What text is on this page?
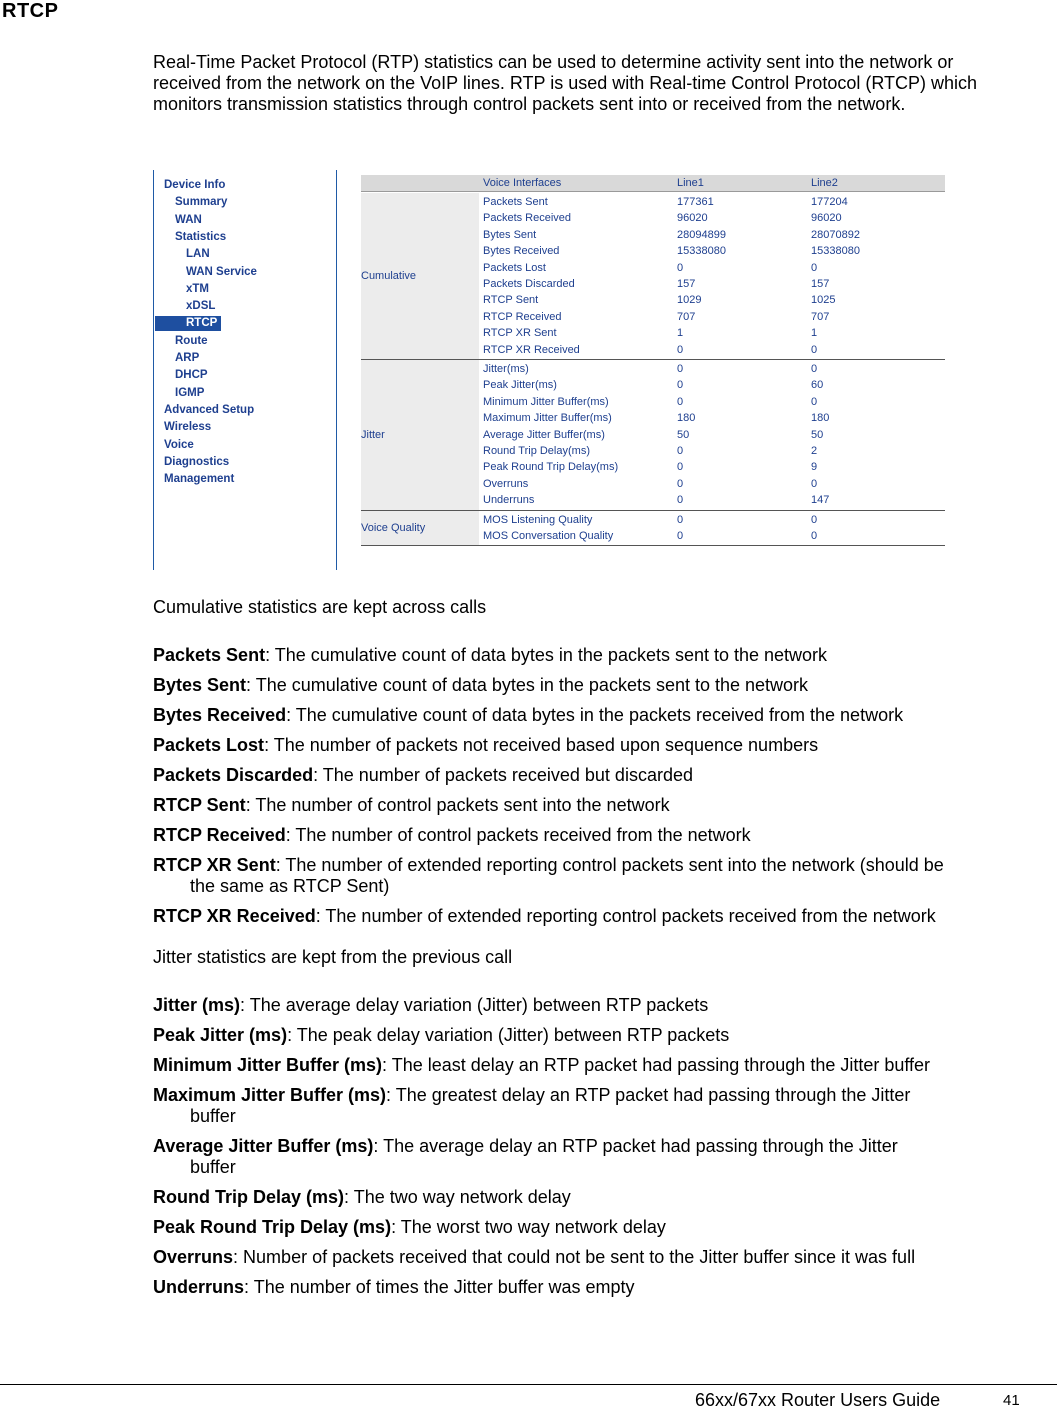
RTCP
Real-Time Packet Protocol (RTP) statistics can be used to determine activity sent into the network or received from the network on the VoIP lines. RTP is used with Real-time Control Protocol (RTCP) which monitors transmission statistics through control packets sent into or received from the network.
Device Info
Summary
WAN
Statistics
LAN
WAN Service
xTM
xDSL
RTCP
Route
ARP
DHCP
IGMP
Advanced Setup
Wireless
Voice
Diagnostics
Management
Voice Interfaces	Line1	Line2
Cumulative
Packets Sent	177361	177204
Packets Received	96020	96020
Bytes Sent	28094899	28070892
Bytes Received	15338080	15338080
Packets Lost	0	0
Packets Discarded	157	157
RTCP Sent	1029	1025
RTCP Received	707	707
RTCP XR Sent	1	1
RTCP XR Received	0	0
Jitter
Jitter(ms)	0	0
Peak Jitter(ms)	0	60
Minimum Jitter Buffer(ms)	0	0
Maximum Jitter Buffer(ms)	180	180
Average Jitter Buffer(ms)	50	50
Round Trip Delay(ms)	0	2
Peak Round Trip Delay(ms)	0	9
Overruns	0	0
Underruns	0	147
Voice Quality
MOS Listening Quality	0	0
MOS Conversation Quality	0	0
Cumulative statistics are kept across calls
Packets Sent: The cumulative count of data bytes in the packets sent to the network
Bytes Sent: The cumulative count of data bytes in the packets sent to the network
Bytes Received: The cumulative count of data bytes in the packets received from the network
Packets Lost: The number of packets not received based upon sequence numbers
Packets Discarded: The number of packets received but discarded
RTCP Sent: The number of control packets sent into the network
RTCP Received: The number of control packets received from the network
RTCP XR Sent: The number of extended reporting control packets sent into the network (should be
the same as RTCP Sent)
RTCP XR Received: The number of extended reporting control packets received from the network
Jitter statistics are kept from the previous call
Jitter (ms): The average delay variation (Jitter) between RTP packets
Peak Jitter (ms): The peak delay variation (Jitter) between RTP packets
Minimum Jitter Buffer (ms): The least delay an RTP packet had passing through the Jitter buffer
Maximum Jitter Buffer (ms): The greatest delay an RTP packet had passing through the Jitter
buffer
Average Jitter Buffer (ms): The average delay an RTP packet had passing through the Jitter
buffer
Round Trip Delay (ms): The two way network delay
Peak Round Trip Delay (ms): The worst two way network delay
Overruns: Number of packets received that could not be sent to the Jitter buffer since it was full
Underruns: The number of times the Jitter buffer was empty
66xx/67xx Router Users Guide	41
